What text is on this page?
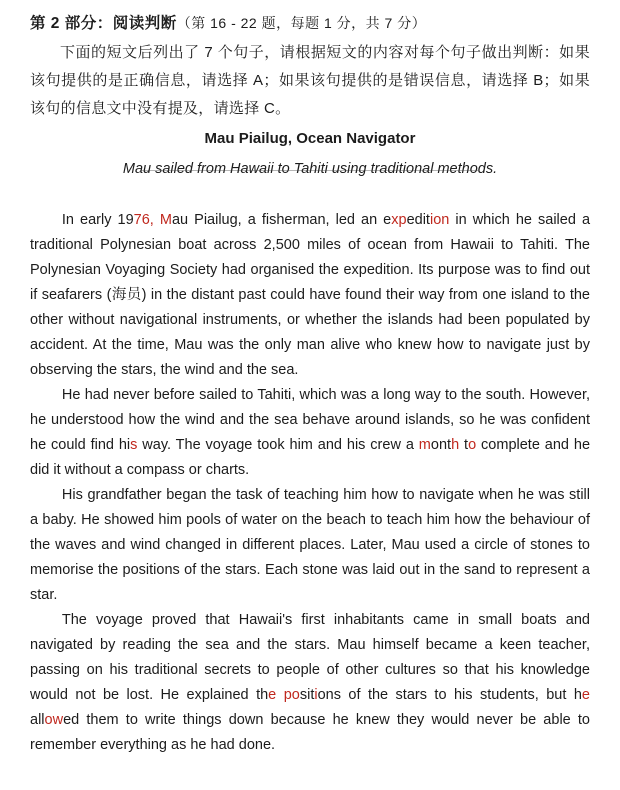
第 2 部分：阅读判断（第 16 - 22 题，每题 1 分，共 7 分）

下面的短文后列出了 7 个句子，请根据短文的内容对每个句子做出判断：如果该句提供的是正确信息，请选择 A；如果该句提供的是错误信息，请选择 B；如果该句的信息文中没有提及，请选择 C。

Mau Piailug, Ocean Navigator
Mau sailed from Hawaii to Tahiti using traditional methods.

In early 1976, Mau Piailug, a fisherman, led an expedition in which he sailed a traditional Polynesian boat across 2,500 miles of ocean from Hawaii to Tahiti. The Polynesian Voyaging Society had organised the expedition. Its purpose was to find out if seafarers (海员) in the distant past could have found their way from one island to the other without navigational instruments, or whether the islands had been populated by accident. At the time, Mau was the only man alive who knew how to navigate just by observing the stars, the wind and the sea.

He had never before sailed to Tahiti, which was a long way to the south. However, he understood how the wind and the sea behave around islands, so he was confident he could find his way. The voyage took him and his crew a month to complete and he did it without a compass or charts.

His grandfather began the task of teaching him how to navigate when he was still a baby. He showed him pools of water on the beach to teach him how the behaviour of the waves and wind changed in different places. Later, Mau used a circle of stones to memorise the positions of the stars. Each stone was laid out in the sand to represent a star.

The voyage proved that Hawaii's first inhabitants came in small boats and navigated by reading the sea and the stars. Mau himself became a keen teacher, passing on his traditional secrets to people of other cultures so that his knowledge would not be lost. He explained the positions of the stars to his students, but he allowed them to write things down because he knew they would never be able to remember everything as he had done.
